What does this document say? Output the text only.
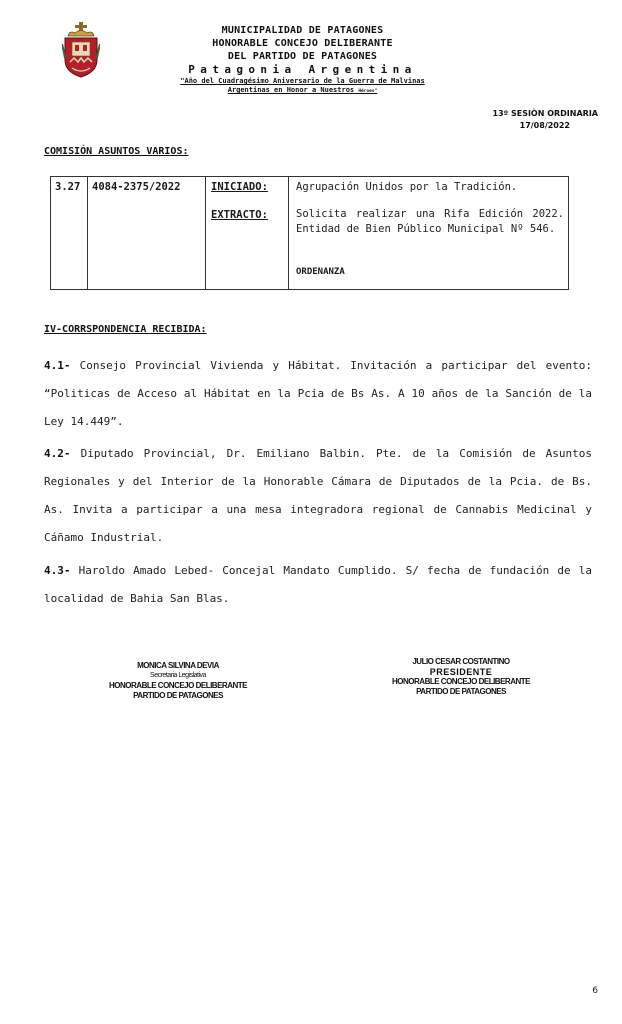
MUNICIPALIDAD DE PATAGONES
HONORABLE CONCEJO DELIBERANTE
DEL PARTIDO DE PATAGONES
Patagonia Argentina
"Año del Cuadragésimo Aniversario de la Guerra de Malvinas
Argentinas en Honor a Nuestros Héroes"
13º SESIÒN ORDINARIA
17/08/2022
COMISIÓN ASUNTOS VARIOS:
3.27 4084-2375/2022	INICIADO:
EXTRACTO:
Agrupación Unidos por la Tradición.
Solicita realizar una Rifa Edición 2022. Entidad de Bien Público Municipal Nº 546.
ORDENANZA
IV-CORRSPONDENCIA RECIBIDA:
4.1- Consejo Provincial Vivienda y Hábitat. Invitación a participar del evento: “Politicas de Acceso al Hábitat en la Pcia de Bs As. A 10 años de la Sanción de la Ley 14.449”.
4.2- Diputado Provincial, Dr. Emiliano Balbin. Pte. de la Comisión de Asuntos Regionales y del Interior de la Honorable Cámara de Diputados de la Pcia. de Bs. As. Invita a participar a una mesa integradora regional de Cannabis Medicinal y Cáñamo Industrial.
4.3- Haroldo Amado Lebed- Concejal Mandato Cumplido. S/ fecha de fundación de la localidad de Bahia San Blas.
MONICA SILVINA DEVIA
Secretaria Legislativa
HONORABLE CONCEJO DELIBERANTE
PARTIDO DE PATAGONES
JULIO CESAR COSTANTINO
PRESIDENTE
HONORABLE CONCEJO DELIBERANTE
PARTIDO DE PATAGONES
6
